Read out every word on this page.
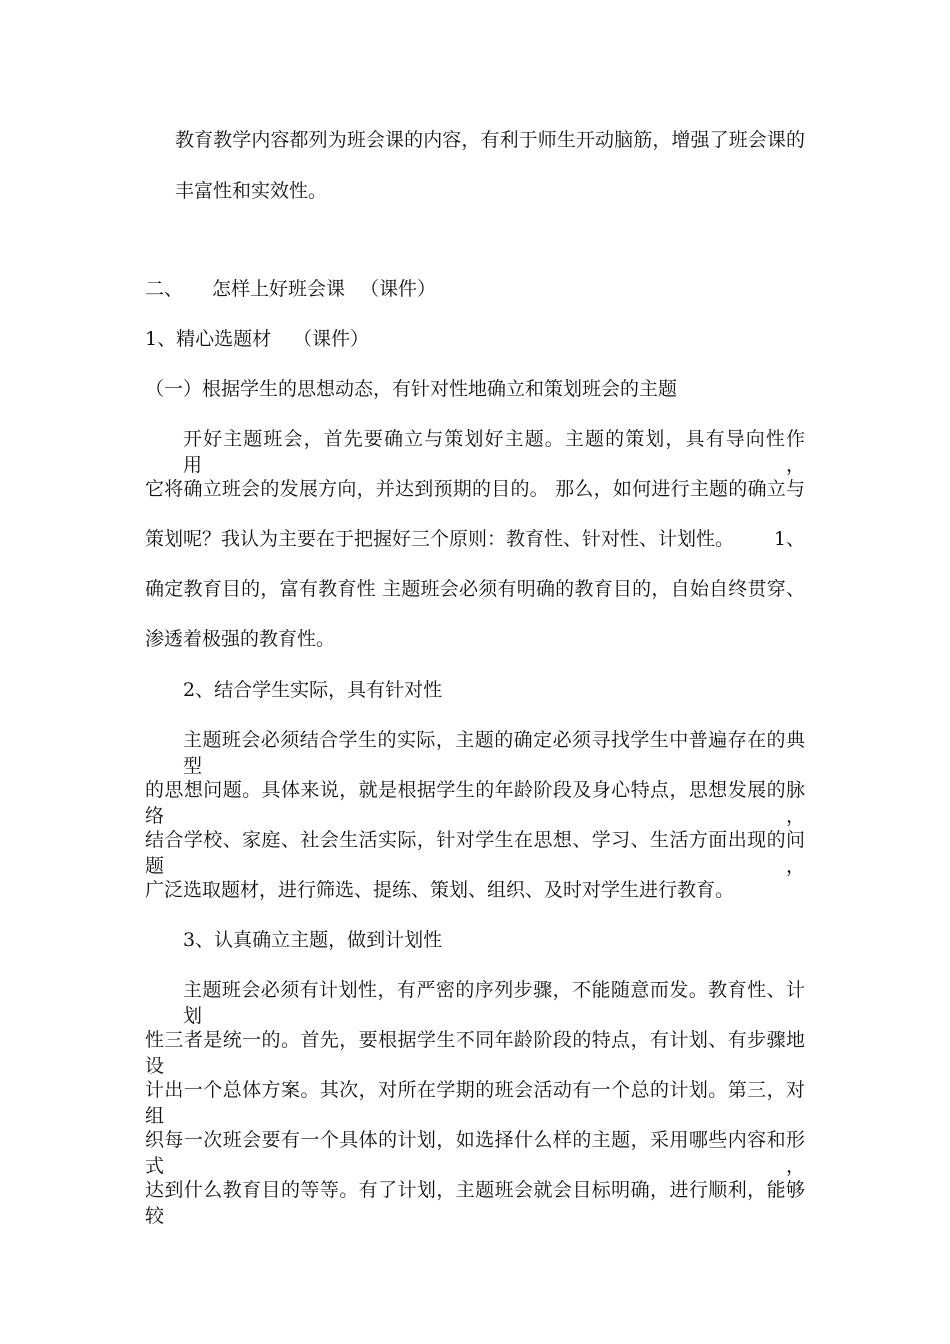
教育教学内容都列为班会课的内容，有利于师生开动脑筋，增强了班会课的

丰富性和实效性。

二、 怎样上好班会课 （课件）
1、精心选题材 （课件）

（一）根据学生的思想动态，有针对性地确立和策划班会的主题

开好主题班会，首先要确立与策划好主题。主题的策划，具有导向性作用，

它将确立班会的发展方向，并达到预期的目的。 那么，如何进行主题的确立与

策划呢？我认为主要在于把握好三个原则：教育性、针对性、计划性。 1、

确定教育目的，富有教育性 主题班会必须有明确的教育目的，自始自终贯穿、

渗透着极强的教育性。

2、结合学生实际，具有针对性

主题班会必须结合学生的实际，主题的确定必须寻找学生中普遍存在的典型

的思想问题。具体来说，就是根据学生的年龄阶段及身心特点，思想发展的脉络，

结合学校、家庭、社会生活实际，针对学生在思想、学习、生活方面出现的问题，

广泛选取题材，进行筛选、提练、策划、组织、及时对学生进行教育。

3、认真确立主题，做到计划性

主题班会必须有计划性，有严密的序列步骤，不能随意而发。教育性、计划

性三者是统一的。首先，要根据学生不同年龄阶段的特点，有计划、有步骤地设

计出一个总体方案。其次，对所在学期的班会活动有一个总的计划。第三，对组

织每一次班会要有一个具体的计划，如选择什么样的主题，采用哪些内容和形式，

达到什么教育目的等等。有了计划，主题班会就会目标明确，进行顺利，能够较
